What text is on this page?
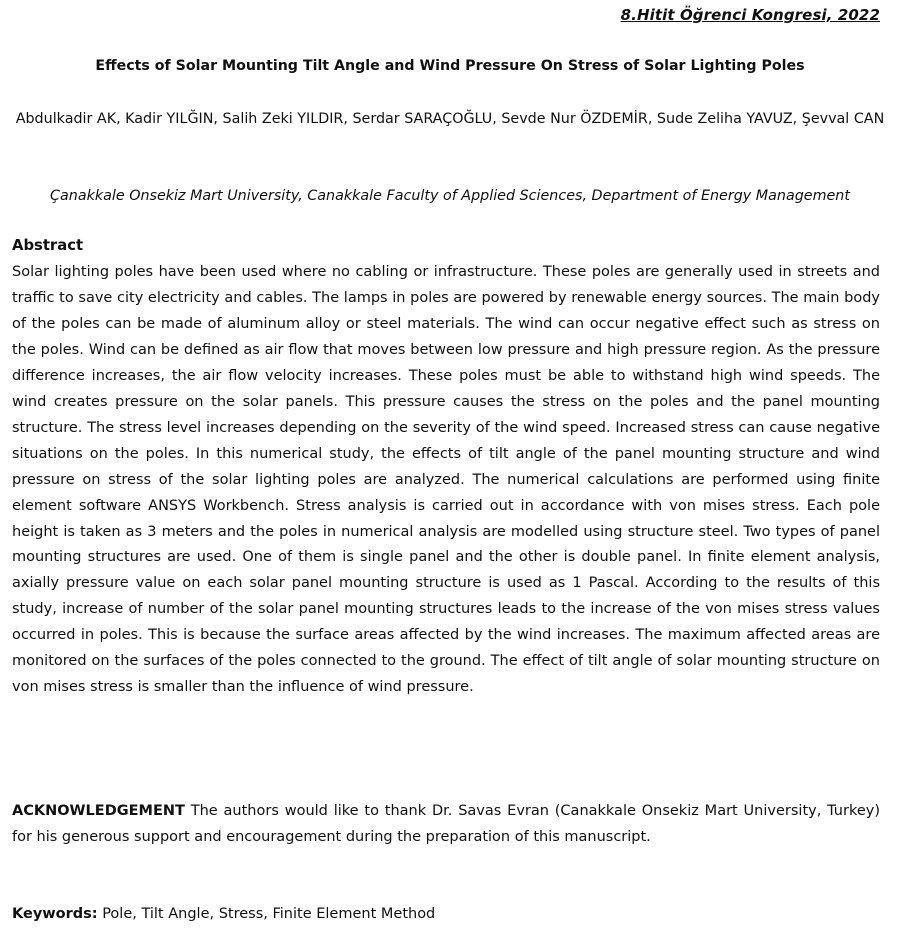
8.Hitit Öğrenci Kongresi, 2022
Effects of Solar Mounting Tilt Angle and Wind Pressure On Stress of Solar Lighting Poles
Abdulkadir AK, Kadir YILĞIN, Salih Zeki YILDIR, Serdar SARAÇOĞLU, Sevde Nur ÖZDEMİR, Sude Zeliha YAVUZ, Şevval CAN
Çanakkale Onsekiz Mart University, Canakkale Faculty of Applied Sciences, Department of Energy Management
Abstract
Solar lighting poles have been used where no cabling or infrastructure. These poles are generally used in streets and traffic to save city electricity and cables. The lamps in poles are powered by renewable energy sources. The main body of the poles can be made of aluminum alloy or steel materials. The wind can occur negative effect such as stress on the poles. Wind can be defined as air flow that moves between low pressure and high pressure region. As the pressure difference increases, the air flow velocity increases. These poles must be able to withstand high wind speeds. The wind creates pressure on the solar panels. This pressure causes the stress on the poles and the panel mounting structure. The stress level increases depending on the severity of the wind speed. Increased stress can cause negative situations on the poles. In this numerical study, the effects of tilt angle of the panel mounting structure and wind pressure on stress of the solar lighting poles are analyzed. The numerical calculations are performed using finite element software ANSYS Workbench. Stress analysis is carried out in accordance with von mises stress. Each pole height is taken as 3 meters and the poles in numerical analysis are modelled using structure steel. Two types of panel mounting structures are used. One of them is single panel and the other is double panel. In finite element analysis, axially pressure value on each solar panel mounting structure is used as 1 Pascal. According to the results of this study, increase of number of the solar panel mounting structures leads to the increase of the von mises stress values occurred in poles. This is because the surface areas affected by the wind increases. The maximum affected areas are monitored on the surfaces of the poles connected to the ground. The effect of tilt angle of solar mounting structure on von mises stress is smaller than the influence of wind pressure.
ACKNOWLEDGEMENT The authors would like to thank Dr. Savas Evran (Canakkale Onsekiz Mart University, Turkey) for his generous support and encouragement during the preparation of this manuscript.
Keywords: Pole, Tilt Angle, Stress, Finite Element Method
